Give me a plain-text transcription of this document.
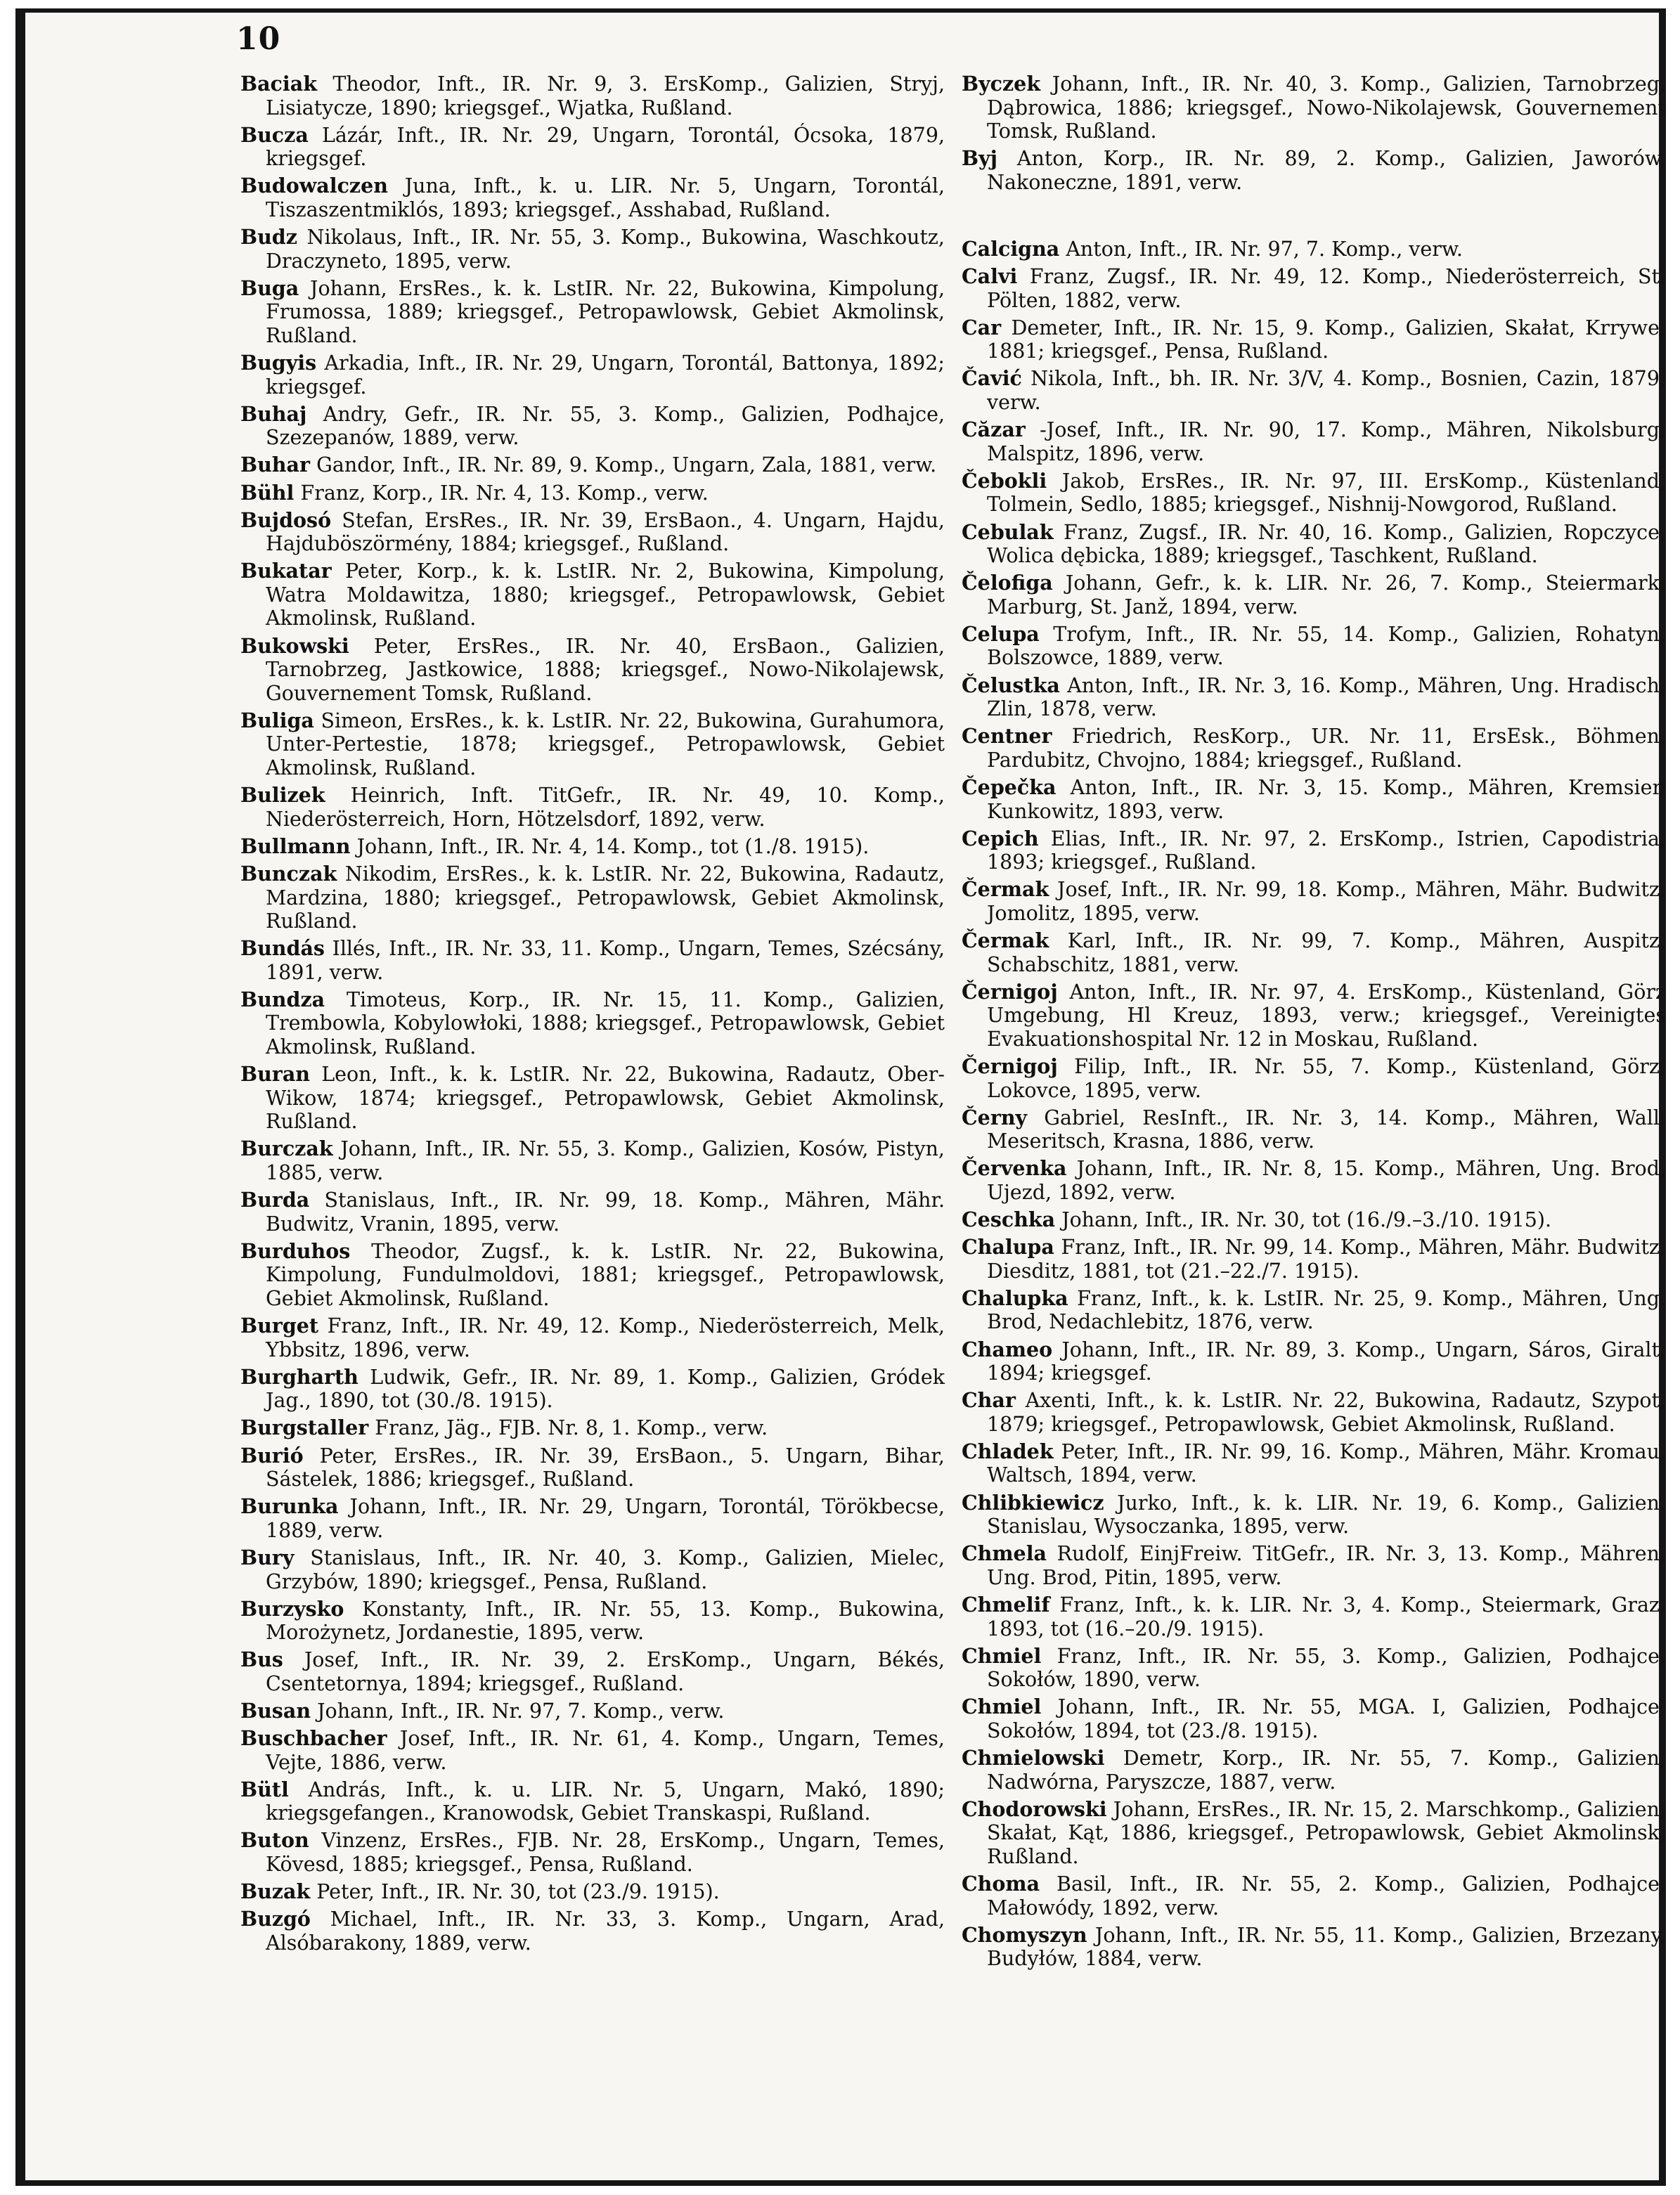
10

Baciak Theodor, Inft., IR. Nr. 9, 3. ErsKomp., Galizien, Stryj, Lisiatycze, 1890; kriegsgef., Wjatka, Rußland.

Bucza Lázár, Inft., IR. Nr. 29, Ungarn, Torontál, Ócsoka, 1879, kriegsgef.

Budowalczen Juna, Inft., k. u. LIR. Nr. 5, Ungarn, Torontál, Tiszaszentmiklós, 1893; kriegsgef., Asshabad, Rußland.

Budz Nikolaus, Inft., IR. Nr. 55, 3. Komp., Bukowina, Waschkoutz, Draczyneto, 1895, verw.

Buga Johann, ErsRes., k. k. LstIR. Nr. 22, Bukowina, Kimpolung, Frumossa, 1889; kriegsgef., Petropawlowsk, Gebiet Akmolinsk, Rußland.

Bugyis Arkadia, Inft., IR. Nr. 29, Ungarn, Torontál, Battonya, 1892; kriegsgef.

Buhaj Andry, Gefr., IR. Nr. 55, 3. Komp., Galizien, Podhajce, Szezepanów, 1889, verw.

Buhar Gandor, Inft., IR. Nr. 89, 9. Komp., Ungarn, Zala, 1881, verw.

Bühl Franz, Korp., IR. Nr. 4, 13. Komp., verw.

Bujdosó Stefan, ErsRes., IR. Nr. 39, ErsBaon., 4. Ungarn, Hajdu, Hajduböszörmény, 1884; kriegsgef., Rußland.

Bukatar Peter, Korp., k. k. LstIR. Nr. 2, Bukowina, Kimpolung, Watra Moldawitza, 1880; kriegsgef., Petropawlowsk, Gebiet Akmolinsk, Rußland.

Bukowski Peter, ErsRes., IR. Nr. 40, ErsBaon., Galizien, Tarnobrzeg, Jastkowice, 1888; kriegsgef., Nowo-Nikolajewsk, Gouvernement Tomsk, Rußland.

Buliga Simeon, ErsRes., k. k. LstIR. Nr. 22, Bukowina, Gurahumora, Unter-Pertestie, 1878; kriegsgef., Petropawlowsk, Gebiet Akmolinsk, Rußland.

Bulizek Heinrich, Inft. TitGefr., IR. Nr. 49, 10. Komp., Niederösterreich, Horn, Hötzelsdorf, 1892, verw.

Bullmann Johann, Inft., IR. Nr. 4, 14. Komp., tot (1./8. 1915).

Bunczak Nikodim, ErsRes., k. k. LstIR. Nr. 22, Bukowina, Radautz, Mardzina, 1880; kriegsgef., Petropawlowsk, Gebiet Akmolinsk, Rußland.

Bundás Illés, Inft., IR. Nr. 33, 11. Komp., Ungarn, Temes, Szécsány, 1891, verw.

Bundza Timoteus, Korp., IR. Nr. 15, 11. Komp., Galizien, Trembowla, Kobylowłoki, 1888; kriegsgef., Petropawlowsk, Gebiet Akmolinsk, Rußland.

Buran Leon, Inft., k. k. LstIR. Nr. 22, Bukowina, Radautz, Ober-Wikow, 1874; kriegsgef., Petropawlowsk, Gebiet Akmolinsk, Rußland.

Burczak Johann, Inft., IR. Nr. 55, 3. Komp., Galizien, Kosów, Pistyn, 1885, verw.

Burda Stanislaus, Inft., IR. Nr. 99, 18. Komp., Mähren, Mähr. Budwitz, Vranin, 1895, verw.

Burduhos Theodor, Zugsf., k. k. LstIR. Nr. 22, Bukowina, Kimpolung, Fundulmoldovi, 1881; kriegsgef., Petropawlowsk, Gebiet Akmolinsk, Rußland.

Burget Franz, Inft., IR. Nr. 49, 12. Komp., Niederösterreich, Melk, Ybbsitz, 1896, verw.

Burgharth Ludwik, Gefr., IR. Nr. 89, 1. Komp., Galizien, Gródek Jag., 1890, tot (30./8. 1915).

Burgstaller Franz, Jäg., FJB. Nr. 8, 1. Komp., verw.

Burió Peter, ErsRes., IR. Nr. 39, ErsBaon., 5. Ungarn, Bihar, Sástelek, 1886; kriegsgef., Rußland.

Burunka Johann, Inft., IR. Nr. 29, Ungarn, Torontál, Törökbecse, 1889, verw.

Bury Stanislaus, Inft., IR. Nr. 40, 3. Komp., Galizien, Mielec, Grzybów, 1890; kriegsgef., Pensa, Rußland.

Burzysko Konstanty, Inft., IR. Nr. 55, 13. Komp., Bukowina, Morożynetz, Jordanestie, 1895, verw.

Bus Josef, Inft., IR. Nr. 39, 2. ErsKomp., Ungarn, Békés, Csentetornya, 1894; kriegsgef., Rußland.

Busan Johann, Inft., IR. Nr. 97, 7. Komp., verw.

Buschbacher Josef, Inft., IR. Nr. 61, 4. Komp., Ungarn, Temes, Vejte, 1886, verw.

Bütl András, Inft., k. u. LIR. Nr. 5, Ungarn, Makó, 1890; kriegsgefangen., Kranowodsk, Gebiet Transkaspi, Rußland.

Buton Vinzenz, ErsRes., FJB. Nr. 28, ErsKomp., Ungarn, Temes, Kövesd, 1885; kriegsgef., Pensa, Rußland.

Buzak Peter, Inft., IR. Nr. 30, tot (23./9. 1915).

Buzgó Michael, Inft., IR. Nr. 33, 3. Komp., Ungarn, Arad, Alsóbarakony, 1889, verw.

Byczek Johann, Inft., IR. Nr. 40, 3. Komp., Galizien, Tarnobrzeg, Dąbrowica, 1886; kriegsgef., Nowo-Nikolajewsk, Gouvernement Tomsk, Rußland.

Byj Anton, Korp., IR. Nr. 89, 2. Komp., Galizien, Jaworów, Nakoneczne, 1891, verw.

Calcigna Anton, Inft., IR. Nr. 97, 7. Komp., verw.

Calvi Franz, Zugsf., IR. Nr. 49, 12. Komp., Niederösterreich, St. Pölten, 1882, verw.

Car Demeter, Inft., IR. Nr. 15, 9. Komp., Galizien, Skałat, Krrywe, 1881; kriegsgef., Pensa, Rußland.

Čavić Nikola, Inft., bh. IR. Nr. 3/V, 4. Komp., Bosnien, Cazin, 1879, verw.

Căzar -Josef, Inft., IR. Nr. 90, 17. Komp., Mähren, Nikolsburg, Malspitz, 1896, verw.

Čebokli Jakob, ErsRes., IR. Nr. 97, III. ErsKomp., Küstenland, Tolmein, Sedlo, 1885; kriegsgef., Nishnij-Nowgorod, Rußland.

Cebulak Franz, Zugsf., IR. Nr. 40, 16. Komp., Galizien, Ropczyce, Wolica dębicka, 1889; kriegsgef., Taschkent, Rußland.

Čelofiga Johann, Gefr., k. k. LIR. Nr. 26, 7. Komp., Steiermark, Marburg, St. Janž, 1894, verw.

Celupa Trofym, Inft., IR. Nr. 55, 14. Komp., Galizien, Rohatyn, Bolszowce, 1889, verw.

Čelustka Anton, Inft., IR. Nr. 3, 16. Komp., Mähren, Ung. Hradisch, Zlin, 1878, verw.

Centner Friedrich, ResKorp., UR. Nr. 11, ErsEsk., Böhmen, Pardubitz, Chvojno, 1884; kriegsgef., Rußland.

Čepečka Anton, Inft., IR. Nr. 3, 15. Komp., Mähren, Kremsier, Kunkowitz, 1893, verw.

Cepich Elias, Inft., IR. Nr. 97, 2. ErsKomp., Istrien, Capodistria, 1893; kriegsgef., Rußland.

Čermak Josef, Inft., IR. Nr. 99, 18. Komp., Mähren, Mähr. Budwitz, Jomolitz, 1895, verw.

Čermak Karl, Inft., IR. Nr. 99, 7. Komp., Mähren, Auspitz, Schabschitz, 1881, verw.

Černigoj Anton, Inft., IR. Nr. 97, 4. ErsKomp., Küstenland, Görz Umgebung, Hl Kreuz, 1893, verw.; kriegsgef., Vereinigtes Evakuationshospital Nr. 12 in Moskau, Rußland.

Černigoj Filip, Inft., IR. Nr. 55, 7. Komp., Küstenland, Görz, Lokovce, 1895, verw.

Černy Gabriel, ResInft., IR. Nr. 3, 14. Komp., Mähren, Wall. Meseritsch, Krasna, 1886, verw.

Červenka Johann, Inft., IR. Nr. 8, 15. Komp., Mähren, Ung. Brod, Ujezd, 1892, verw.

Ceschka Johann, Inft., IR. Nr. 30, tot (16./9.–3./10. 1915).

Chalupa Franz, Inft., IR. Nr. 99, 14. Komp., Mähren, Mähr. Budwitz, Diesditz, 1881, tot (21.–22./7. 1915).

Chalupka Franz, Inft., k. k. LstIR. Nr. 25, 9. Komp., Mähren, Ung. Brod, Nedachlebitz, 1876, verw.

Chameo Johann, Inft., IR. Nr. 89, 3. Komp., Ungarn, Sáros, Giralt, 1894; kriegsgef.

Char Axenti, Inft., k. k. LstIR. Nr. 22, Bukowina, Radautz, Szypot, 1879; kriegsgef., Petropawlowsk, Gebiet Akmolinsk, Rußland.

Chladek Peter, Inft., IR. Nr. 99, 16. Komp., Mähren, Mähr. Kromau, Waltsch, 1894, verw.

Chlibkiewicz Jurko, Inft., k. k. LIR. Nr. 19, 6. Komp., Galizien, Stanislau, Wysoczanka, 1895, verw.

Chmela Rudolf, EinjFreiw. TitGefr., IR. Nr. 3, 13. Komp., Mähren, Ung. Brod, Pitin, 1895, verw.

Chmelif Franz, Inft., k. k. LIR. Nr. 3, 4. Komp., Steiermark, Graz, 1893, tot (16.–20./9. 1915).

Chmiel Franz, Inft., IR. Nr. 55, 3. Komp., Galizien, Podhajce, Sokołów, 1890, verw.

Chmiel Johann, Inft., IR. Nr. 55, MGA. I, Galizien, Podhajce, Sokołów, 1894, tot (23./8. 1915).

Chmielowski Demetr, Korp., IR. Nr. 55, 7. Komp., Galizien, Nadwórna, Paryszcze, 1887, verw.

Chodorowski Johann, ErsRes., IR. Nr. 15, 2. Marschkomp., Galizien, Skałat, Kąt, 1886, kriegsgef., Petropawlowsk, Gebiet Akmolinsk, Rußland.

Choma Basil, Inft., IR. Nr. 55, 2. Komp., Galizien, Podhajce, Małowódy, 1892, verw.

Chomyszyn Johann, Inft., IR. Nr. 55, 11. Komp., Galizien, Brzezany, Budyłów, 1884, verw.
